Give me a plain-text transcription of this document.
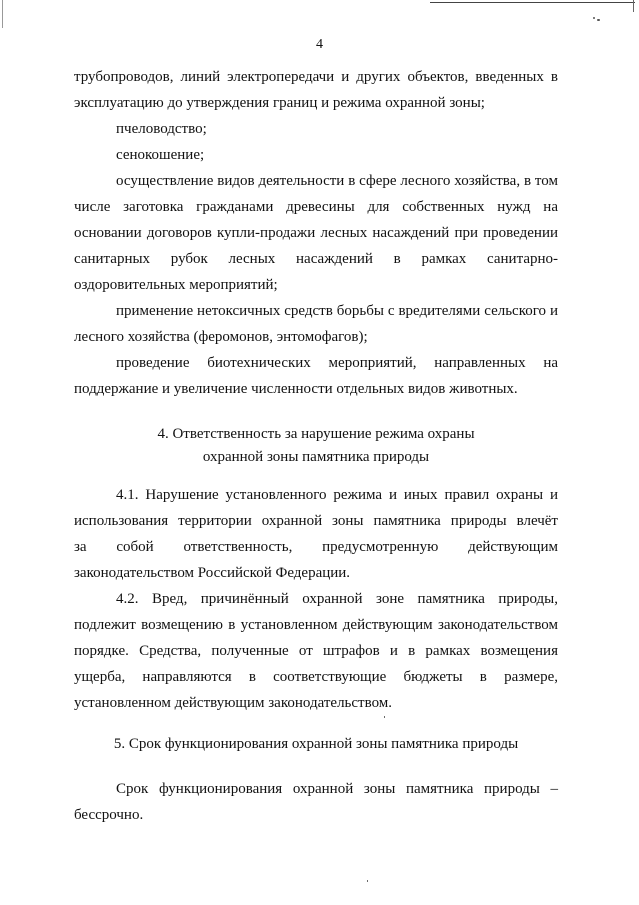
4
трубопроводов, линий электропередачи и других объектов, введенных в
эксплуатацию до утверждения границ и режима охранной зоны;
пчеловодство;
сенокошение;
осуществление видов деятельности в сфере лесного хозяйства, в том
числе заготовка гражданами древесины для собственных нужд на
основании договоров купли-продажи лесных насаждений при проведении
санитарных рубок лесных насаждений в рамках санитарно-
оздоровительных мероприятий;
применение нетоксичных средств борьбы с вредителями сельского и
лесного хозяйства (феромонов, энтомофагов);
проведение биотехнических мероприятий, направленных на
поддержание и увеличение численности отдельных видов животных.
4. Ответственность за нарушение режима охраны
охранной зоны памятника природы
4.1. Нарушение установленного режима и иных правил охраны и
использования территории охранной зоны памятника природы влечёт
за собой ответственность, предусмотренную действующим
законодательством Российской Федерации.
4.2. Вред, причинённый охранной зоне памятника природы,
подлежит возмещению в установленном действующим законодательством
порядке. Средства, полученные от штрафов и в рамках возмещения
ущерба, направляются в соответствующие бюджеты в размере,
установленном действующим законодательством.
5. Срок функционирования охранной зоны памятника природы
Срок функционирования охранной зоны памятника природы –
бессрочно.
